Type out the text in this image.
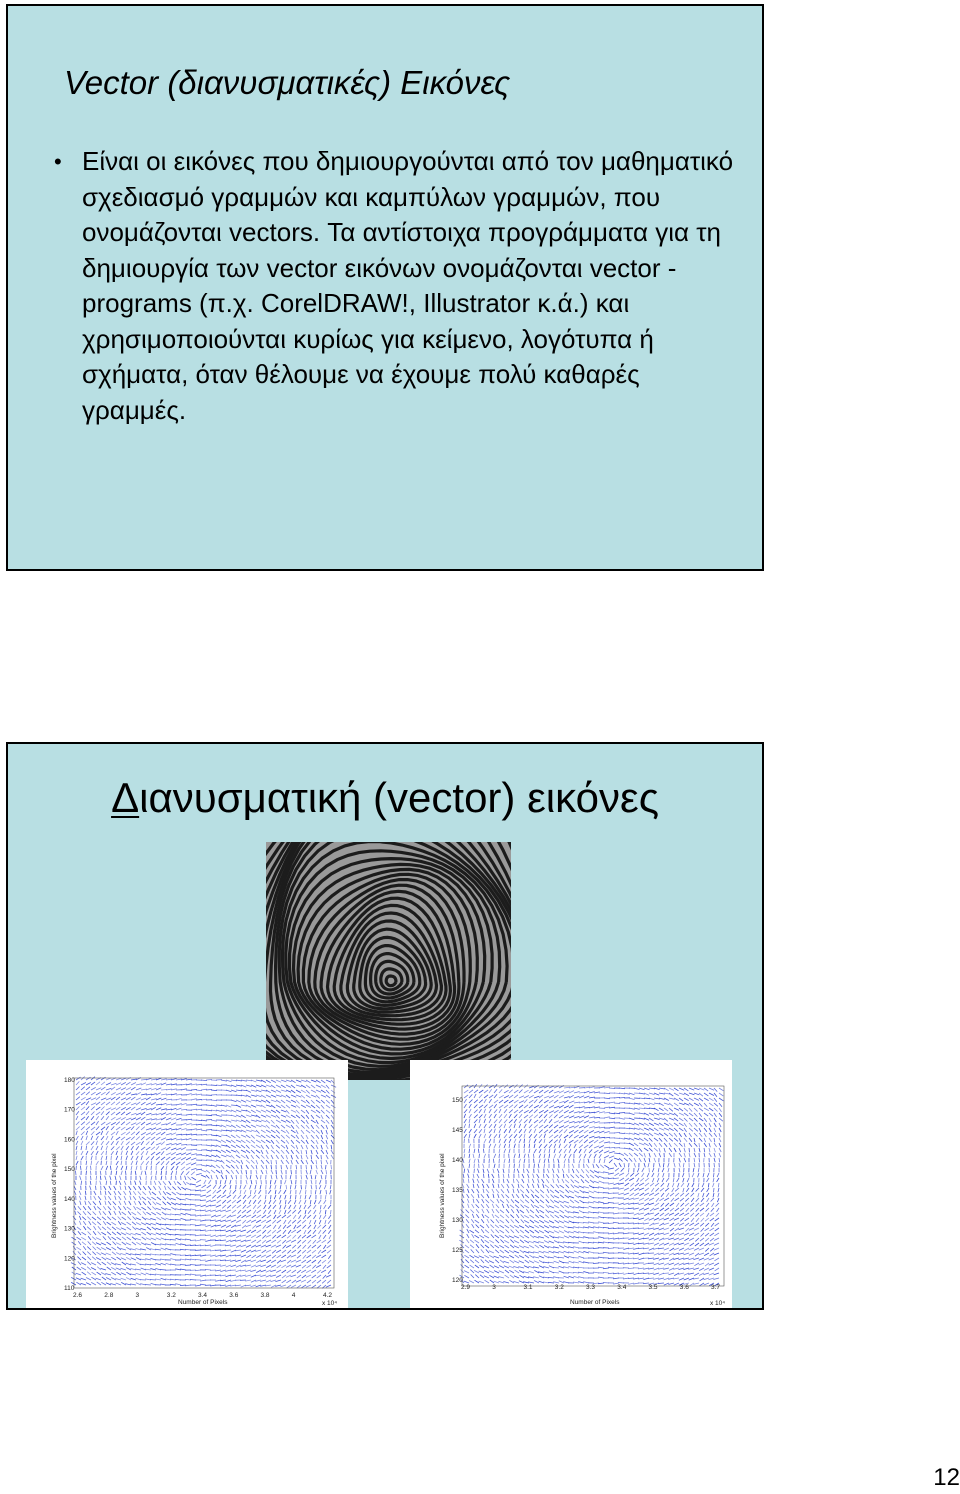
Vector (διανυσματικές) Εικόνες
• Είναι οι εικόνες που δημιουργούνται από τον μαθηματικό σχεδιασμό γραμμών και καμπύλων γραμμών, που ονομάζονται vectors. Τα αντίστοιχα προγράμματα για τη δημιουργία των vector εικόνων ονομάζονται vector - programs (π.χ. CorelDRAW!, Illustrator κ.ά.) και χρησιμοποιούνται κυρίως για κείμενο, λογότυπα ή σχήματα, όταν θέλουμε να έχουμε πολύ καθαρές γραμμές.
Διανυσματική (vector) εικόνες
Brightness values of the pixel
Number of Pixels	x 10⁴
2.6	2.8	3	3.2	3.4	3.6	3.8	4	4.2
180
170
160
150
140
130
120
110
Brightness values of the pixel
Number of Pixels	x 10⁴
2.9	3	3.1	3.2	3.3	3.4	3.5	3.6	3.7
150
145
140
135
130
125
120
12
